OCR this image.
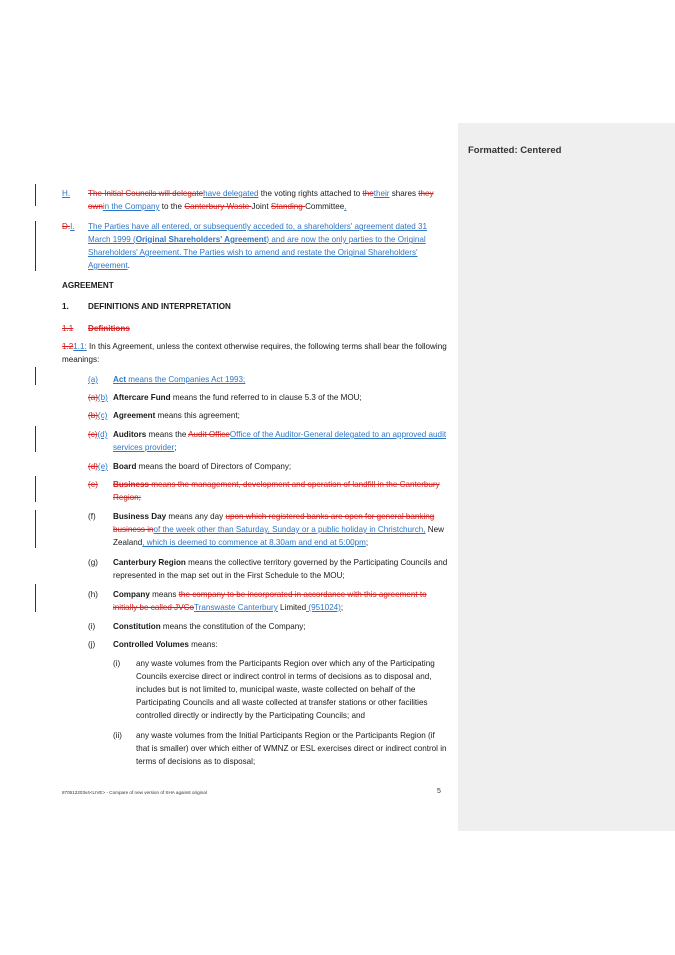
Formatted: Centered
H. The Initial Councils will delegatehave delegated the voting rights attached to thetheir shares they ownin the Company to the Canterbury Waste Joint Standing Committee.
D.I. The Parties have all entered, or subsequently acceded to, a shareholders' agreement dated 31 March 1999 (Original Shareholders' Agreement) and are now the only parties to the Original Shareholders' Agreement. The Parties wish to amend and restate the Original Shareholders' Agreement.
AGREEMENT
1. DEFINITIONS AND INTERPRETATION
1.1 Definitions
1.21.1: In this Agreement, unless the context otherwise requires, the following terms shall bear the following meanings:
(a) Act means the Companies Act 1993;
(a)(b) Aftercare Fund means the fund referred to in clause 5.3 of the MOU;
(b)(c) Agreement means this agreement;
(c)(d) Auditors means the Audit OfficeOffice of the Auditor-General delegated to an approved audit services provider;
(d)(e) Board means the board of Directors of Company;
(e) Business means the management, development and operation of landfill in the Canterbury Region;
(f) Business Day means any day upon which registered banks are open for general banking business inof the week other than Saturday, Sunday or a public holiday in Christchurch, New Zealand, which is deemed to commence at 8.30am and end at 5:00pm;
(g) Canterbury Region means the collective territory governed by the Participating Councils and represented in the map set out in the First Schedule to the MOU;
(h) Company means the company to be incorporated in accordance with this agreement to initially be called JVCoTranswaste Canterbury Limited (951024);
(i) Constitution means the constitution of the Company;
(j) Controlled Volumes means:
(i) any waste volumes from the Participants Region over which any of the Participating Councils exercise direct or indirect control in terms of decisions as to disposal and, includes but is not limited to, municipal waste, waste collected on behalf of the Participating Councils and all waste collected at transfer stations or other facilities controlled directly or indirectly by the Participating Councils; and
(ii) any waste volumes from the Initial Participants Region or the Participants Region (if that is smaller) over which either of WMNZ or ESL exercises direct or indirect control in terms of decisions as to disposal;
870512203v4<LIVE> - Compare of new version of SHA against original	5
